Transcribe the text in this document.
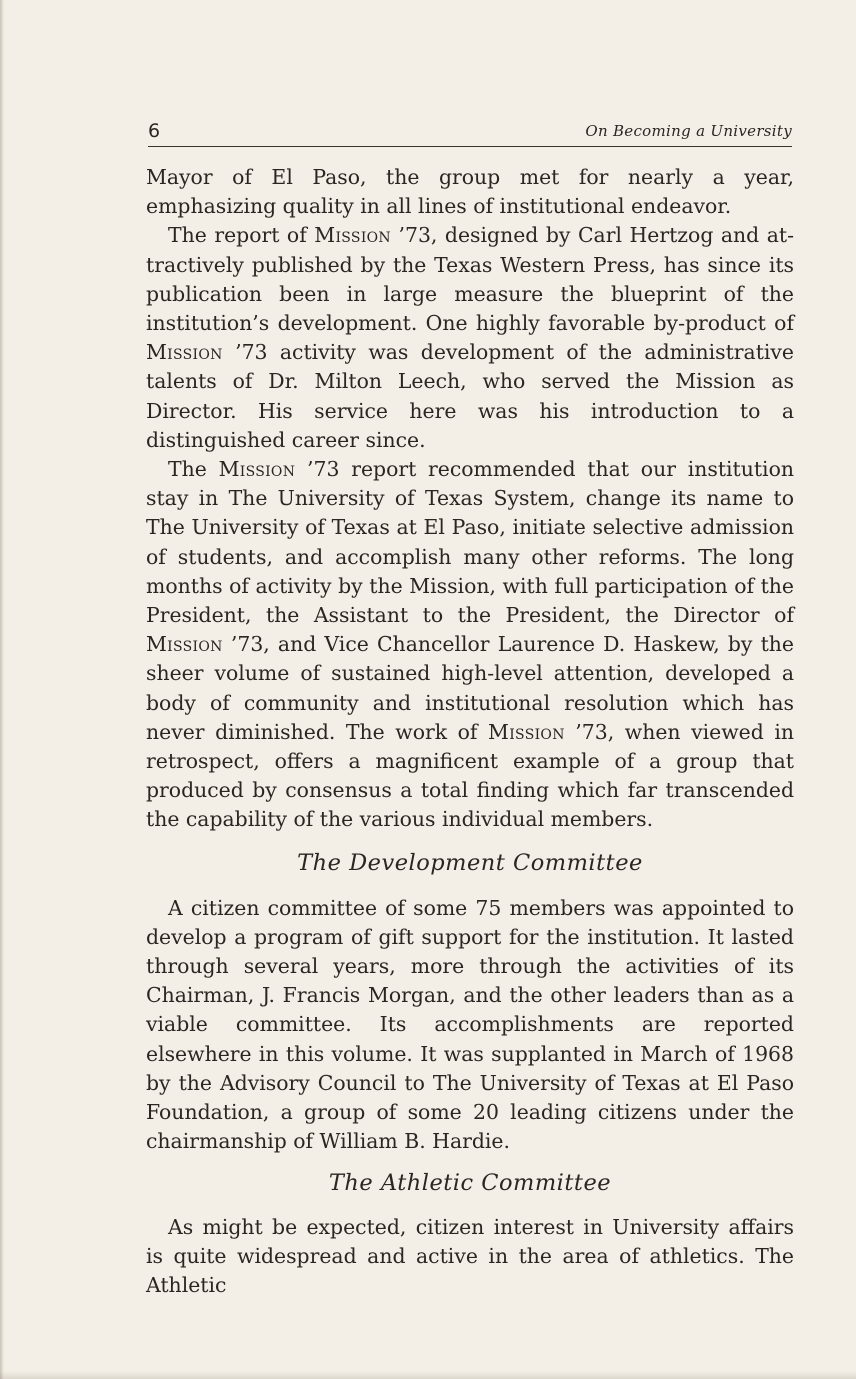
6	On Becoming a University

Mayor of El Paso, the group met for nearly a year, emphasizing quality in all lines of institutional endeavor.

The report of Mission ’73, designed by Carl Hertzog and attractively published by the Texas Western Press, has since its publication been in large measure the blueprint of the institution’s development. One highly favorable by-product of Mission ’73 activity was development of the administrative talents of Dr. Milton Leech, who served the Mission as Director. His service here was his introduction to a distinguished career since.

The Mission ’73 report recommended that our institution stay in The University of Texas System, change its name to The University of Texas at El Paso, initiate selective admission of students, and accomplish many other reforms. The long months of activity by the Mission, with full participation of the President, the Assistant to the President, the Director of Mission ’73, and Vice Chancellor Laurence D. Haskew, by the sheer volume of sustained high-level attention, developed a body of community and institutional resolution which has never diminished. The work of Mission ’73, when viewed in retrospect, offers a magnificent example of a group that produced by consensus a total finding which far transcended the capability of the various individual members.

The Development Committee

A citizen committee of some 75 members was appointed to develop a program of gift support for the institution. It lasted through several years, more through the activities of its Chairman, J. Francis Morgan, and the other leaders than as a viable committee. Its accomplishments are reported elsewhere in this volume. It was supplanted in March of 1968 by the Advisory Council to The University of Texas at El Paso Foundation, a group of some 20 leading citizens under the chairmanship of William B. Hardie.

The Athletic Committee

As might be expected, citizen interest in University affairs is quite widespread and active in the area of athletics. The Athletic
